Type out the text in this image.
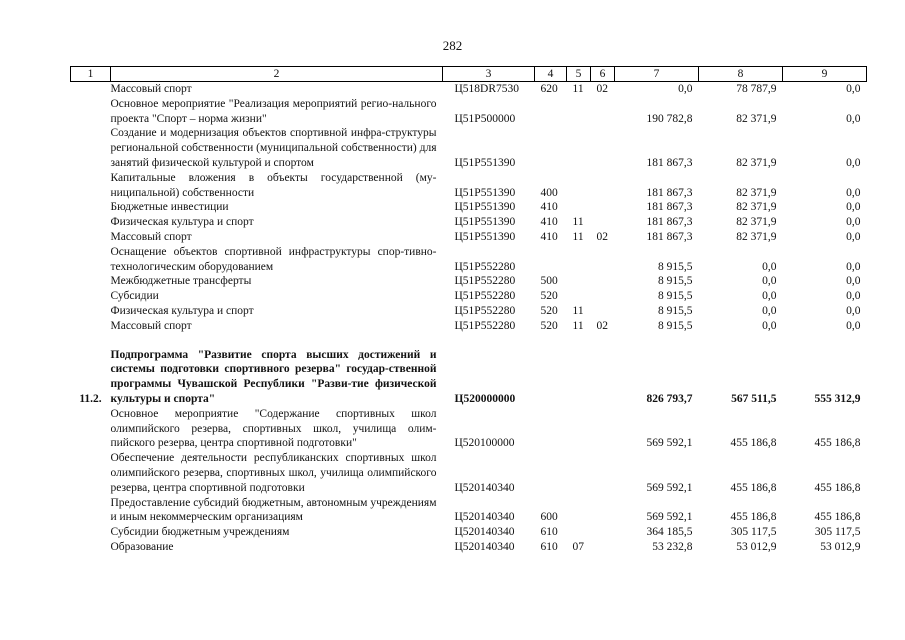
282
1	2	3	4	5	6	7	8	9
	Массовый спорт	Ц518DR7530	620	11	02	0,0	78 787,9	0,0
	Основное мероприятие "Реализация мероприятий регио-нального проекта "Спорт – норма жизни"	Ц51P500000				190 782,8	82 371,9	0,0
	Создание и модернизация объектов спортивной инфра-структуры региональной собственности (муниципальной собственности) для занятий физической культурой и спортом	Ц51P551390				181 867,3	82 371,9	0,0
	Капитальные вложения в объекты государственной (му-ниципальной) собственности	Ц51P551390	400			181 867,3	82 371,9	0,0
	Бюджетные инвестиции	Ц51P551390	410			181 867,3	82 371,9	0,0
	Физическая культура и спорт	Ц51P551390	410	11		181 867,3	82 371,9	0,0
	Массовый спорт	Ц51P551390	410	11	02	181 867,3	82 371,9	0,0
	Оснащение объектов спортивной инфраструктуры спор-тивно-технологическим оборудованием	Ц51P552280				8 915,5	0,0	0,0
	Межбюджетные трансферты	Ц51P552280	500			8 915,5	0,0	0,0
	Субсидии	Ц51P552280	520			8 915,5	0,0	0,0
	Физическая культура и спорт	Ц51P552280	520	11		8 915,5	0,0	0,0
	Массовый спорт	Ц51P552280	520	11	02	8 915,5	0,0	0,0

11.2.	Подпрограмма "Развитие спорта высших достижений и системы подготовки спортивного резерва" государ-ственной программы Чувашской Республики "Разви-тие физической культуры и спорта"	Ц520000000				826 793,7	567 511,5	555 312,9
	Основное мероприятие "Содержание спортивных школ олимпийского резерва, спортивных школ, училища олим-пийского резерва, центра спортивной подготовки"	Ц520100000				569 592,1	455 186,8	455 186,8
	Обеспечение деятельности республиканских спортивных школ олимпийского резерва, спортивных школ, училища олимпийского резерва, центра спортивной подготовки	Ц520140340				569 592,1	455 186,8	455 186,8
	Предоставление субсидий бюджетным, автономным учреждениям и иным некоммерческим организациям	Ц520140340	600			569 592,1	455 186,8	455 186,8
	Субсидии бюджетным учреждениям	Ц520140340	610			364 185,5	305 117,5	305 117,5
	Образование	Ц520140340	610	07		53 232,8	53 012,9	53 012,9
